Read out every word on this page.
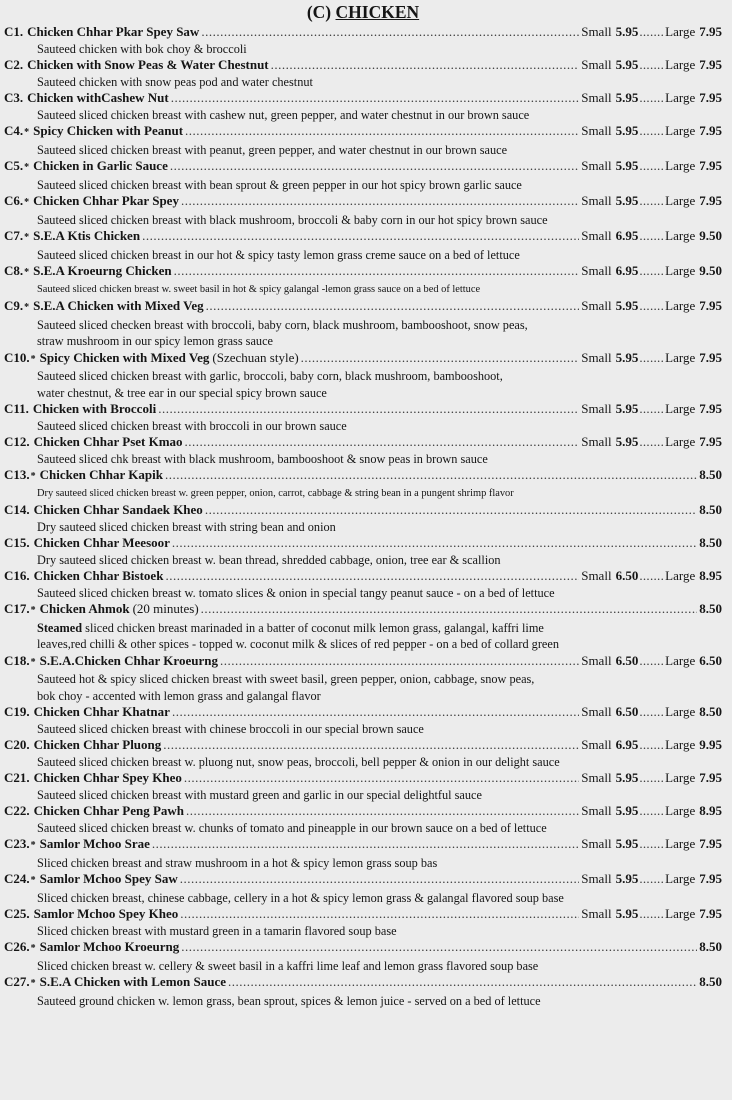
(C) CHICKEN
C1. Chicken Chhar Pkar Spey Saw .....	Small 5.95.......Large 7.95
Sauteed chicken with bok choy & broccoli
C2. Chicken with Snow Peas & Water Chestnut .....	Small 5.95.......Large 7.95
Sauteed chicken with snow peas pod and water chestnut
C3. Chicken withCashew Nut .....	Small 5.95.......Large 7.95
Sauteed sliced chicken breast with cashew nut, green pepper, and water chestnut in our brown sauce
C4. * Spicy Chicken with Peanut .....	Small 5.95.......Large 7.95
Sauteed sliced chicken breast with peanut, green pepper, and water chestnut in our brown sauce
C5. * Chicken in Garlic Sauce .....	Small 5.95.......Large 7.95
Sauteed sliced chicken breast with bean sprout & green pepper in our hot spicy brown garlic sauce
C6. * Chicken Chhar Pkar Spey .....	Small 5.95.......Large 7.95
Sauteed sliced chicken breast with black mushroom, broccoli & baby corn in our hot spicy brown sauce
C7. * S.E.A Ktis Chicken .....	Small 6.95.......Large 9.50
Sauteed sliced chicken breast in our hot & spicy tasty lemon grass creme sauce on a bed of lettuce
C8. * S.E.A Kroeurng Chicken .....	Small 6.95.......Large 9.50
Sauteed sliced chicken breast w. sweet basil in hot & spicy galangal -lemon grass sauce on a bed of lettuce
C9. * S.E.A Chicken with Mixed Veg .....	Small 5.95.......Large 7.95
Sauteed sliced checken breast with broccoli, baby corn, black mushroom, bambooshoot, snow peas,
straw mushroom in our spicy lemon grass sauce
C10. * Spicy Chicken with Mixed Veg (Szechuan style) .....	Small 5.95.......Large 7.95
Sauteed sliced chicken breast with garlic, broccoli, baby corn, black mushroom, bambooshoot,
water chestnut, & tree ear in our special spicy brown sauce
C11. Chicken with Broccoli .....	Small 5.95.......Large 7.95
Sauteed sliced chicken breast with broccoli in our brown sauce
C12. Chicken Chhar Pset Kmao .....	Small 5.95.......Large 7.95
Sauteed sliced chk breast with black mushroom, bambooshoot & snow peas in brown sauce
C13. * Chicken Chhar Kapik .....	8.50
Dry sauteed sliced chicken breast w. green pepper, onion, carrot, cabbage & string bean in a pungent shrimp flavor
C14. Chicken Chhar Sandaek Kheo .....	8.50
Dry sauteed sliced chicken breast with string bean and onion
C15. Chicken Chhar Meesoor .....	8.50
Dry sauteed sliced chicken breast w. bean thread, shredded cabbage, onion, tree ear & scallion
C16. Chicken Chhar Bistoek .....	Small 6.50.......Large 8.95
Sauteed sliced chicken breast w. tomato slices & onion in special tangy peanut sauce - on a bed of lettuce
C17. * Chicken Ahmok (20 minutes) .....	8.50
Steamed sliced chicken breast marinaded in a batter of coconut milk lemon grass, galangal, kaffri lime
leaves,red chilli & other spices - topped w. coconut milk & slices of red pepper - on a bed of collard green
C18. * S.E.A.Chicken Chhar Kroeurng .....	Small 6.50.......Large 6.50
Sauteed hot & spicy sliced chicken breast with sweet basil, green pepper, onion, cabbage, snow peas,
bok choy - accented with lemon grass and galangal flavor
C19. Chicken Chhar Khatnar .....	Small 6.50.......Large 8.50
Sauteed sliced chicken breast with chinese broccoli in our special brown sauce
C20. Chicken Chhar Pluong .....	Small 6.95.......Large 9.95
Sauteed sliced chicken breast w. pluong nut, snow peas, broccoli, bell pepper & onion in our delight sauce
C21. Chicken Chhar Spey Kheo .....	Small 5.95.......Large 7.95
Sauteed sliced chicken breast with mustard green and garlic in our special delightful sauce
C22. Chicken Chhar Peng Pawh .....	Small 5.95.......Large 8.95
Sauteed sliced chicken breast w. chunks of tomato and pineapple in our brown sauce on a bed of lettuce
C23. * Samlor Mchoo Srae .....	Small 5.95.......Large 7.95
Sliced chicken breast and straw mushroom in a hot & spicy lemon grass soup bas
C24. * Samlor Mchoo Spey Saw .....	Small 5.95.......Large 7.95
Sliced chicken breast, chinese cabbage, cellery in a hot & spicy lemon grass & galangal flavored soup base
C25. Samlor Mchoo Spey Kheo .....	Small 5.95.......Large 7.95
Sliced chicken breast with mustard green in a tamarin flavored soup base
C26. * Samlor Mchoo Kroeurng .....	8.50
Sliced chicken breast w. cellery & sweet basil in a kaffri lime leaf and lemon grass flavored soup base
C27. * S.E.A Chicken with Lemon Sauce .....	8.50
Sauteed ground chicken w. lemon grass, bean sprout, spices & lemon juice - served on a bed of lettuce
